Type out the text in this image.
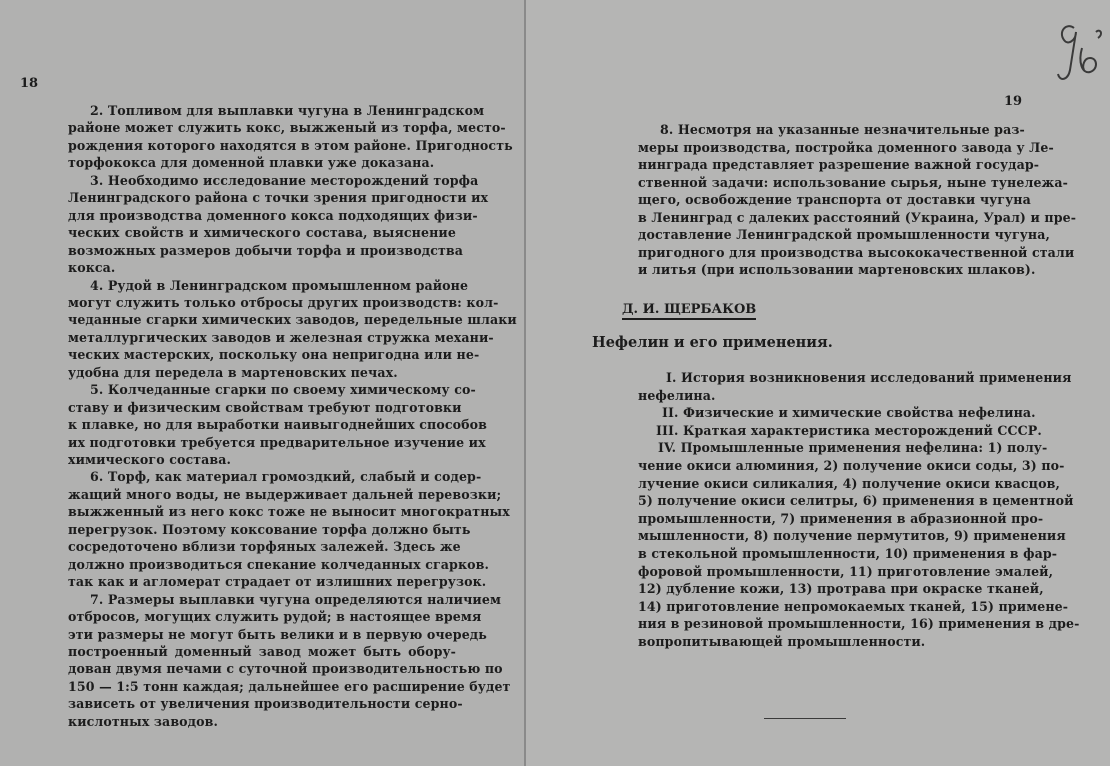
18
19
2. Топливом для выплавки чугуна в Ленинградском
районе может служить кокс, выжженый из торфа, место-
рождения которого находятся в этом районе. Пригодность
торфококса для доменной плавки уже доказана.
3. Необходимо исследование месторождений торфа
Ленинградского района с точки зрения пригодности их
для производства доменного кокса подходящих физи-
ческих свойств и химического состава, выяснение
возможных размеров добычи торфа и производства
кокса.
4. Рудой в Ленинградском промышленном районе
могут служить только отбросы других производств: кол-
чеданные сгарки химических заводов, передельные шлаки
металлургических заводов и железная стружка механи-
ческих мастерских, поскольку она непригодна или не-
удобна для передела в мартеновских печах.
5. Колчеданные сгарки по своему химическому со-
ставу и физическим свойствам требуют подготовки
к плавке, но для выработки наивыгоднейших способов
их подготовки требуется предварительное изучение их
химического состава.
6. Торф, как материал громоздкий, слабый и содер-
жащий много воды, не выдерживает дальней перевозки;
выжженный из него кокс тоже не выносит многократных
перегрузок. Поэтому коксование торфа должно быть
сосредоточено вблизи торфяных залежей. Здесь же
должно производиться спекание колчеданных сгарков.
так как и агломерат страдает от излишних перегрузок.
7. Размеры выплавки чугуна определяются наличием
отбросов, могущих служить рудой; в настоящее время
эти размеры не могут быть велики и в первую очередь
построенный доменный завод может быть обору-
дован двумя печами с суточной производительностью по
150 — 1:5 тонн каждая; дальнейшее его расширение будет
зависеть от увеличения производительности серно-
кислотных заводов.
8. Несмотря на указанные незначительные раз-
меры производства, постройка доменного завода у Ле-
нинграда представляет разрешение важной государ-
ственной задачи: использование сырья, ныне тунележа-
щего, освобождение транспорта от доставки чугуна
в Ленинград с далеких расстояний (Украина, Урал) и пре-
доставление Ленинградской промышленности чугуна,
пригодного для производства высококачественной стали
и литья (при использовании мартеновских шлаков).
Д. И. ЩЕРБАКОВ
Нефелин и его применения.
I. История возникновения исследований применения
нефелина.
II. Физические и химические свойства нефелина.
III. Краткая характеристика месторождений СССР.
IV. Промышленные применения нефелина: 1) полу-
чение окиси алюминия, 2) получение окиси соды, 3) по-
лучение окиси силикалия, 4) получение окиси квасцов,
5) получение окиси селитры, 6) применения в цементной
промышленности, 7) применения в абразионной про-
мышленности, 8) получение пермутитов, 9) применения
в стекольной промышленности, 10) применения в фар-
форовой промышленности, 11) приготовление эмалей,
12) дубление кожи, 13) протрава при окраске тканей,
14) приготовление непромокаемых тканей, 15) примене-
ния в резиновой промышленности, 16) применения в дре-
вопропитывающей промышленности.
